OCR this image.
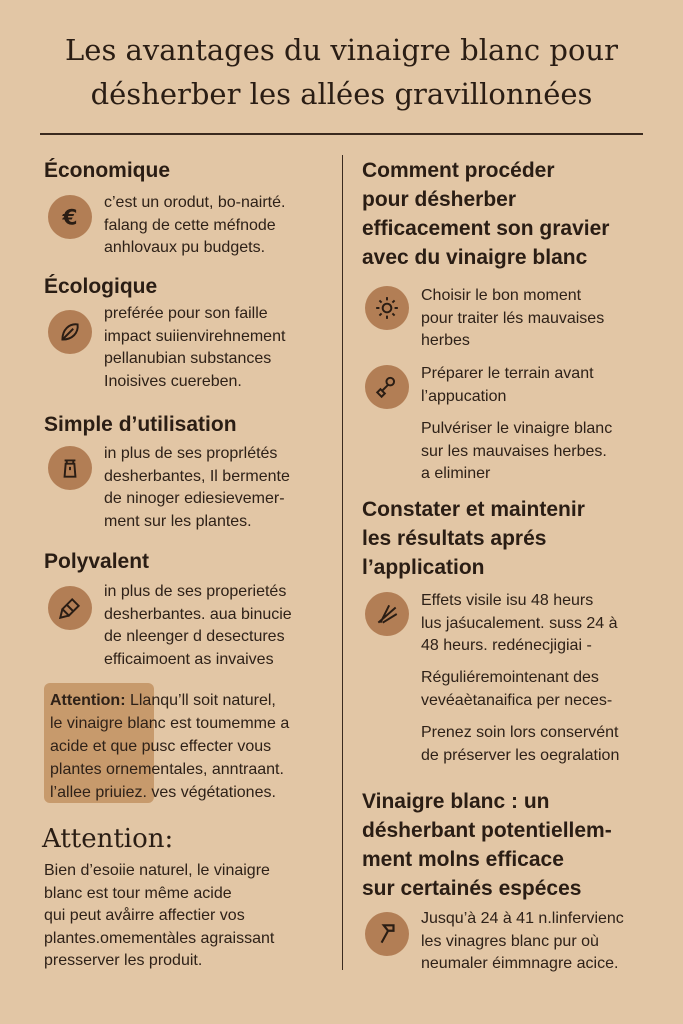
Les avantages du vinaigre blanc pour
désherber les allées gravillonnées
Économique
€
c’est un orodut, bo-nairté.
falang de cette méfnode
anhlovaux pu budgets.
Écologique
preférée pour son faille
impact suiienvirehnement
pellanubian substances
Inoisives cuereben.
Simple d’utilisation
in plus de ses proprlétés
desherbantes, Il bermente
de ninoger ediesievemer-
ment sur les plantes.
Polyvalent
in plus de ses properietés
desherbantes. aua binucie
de nleenger d desectures
efficaimoent as invaives
Attention: Llanqu’ll soit naturel,
le vinaigre blanc est toumemme a
acide et que pusc effecter vous
plantes ornementales, anntraant.
l’allee priuiez. ves végétationes.
Attention:
Bien d’esoiie naturel, le vinaigre
blanc est tour même acide
qui peut avåirre affectier vos
plantes.omementàles agraissant
presserver les produit.
Comment procéder
pour désherber
efficacement son gravier
avec du vinaigre blanc
Choisir le bon moment
pour traiter lés mauvaises
herbes
Préparer le terrain avant
l’appucation
Pulvériser le vinaigre blanc
sur les mauvaises herbes.
a eliminer
Constater et maintenir
les résultats aprés
l’application
Effets visile isu 48 heurs
lus jaśucalement. suss 24 à
48 heurs. redénecjigiai -
Réguliéremointenant des
vevéaètanaifica per neces-
Prenez soin lors conservént
de préserver les oegralation
Vinaigre blanc : un
désherbant potentiellem-
ment molns efficace
sur certainés espéces
Jusqu’à 24 à 41 n.linfervienc
les vinagres blanc pur où
neumaler éimmnagre acice.
